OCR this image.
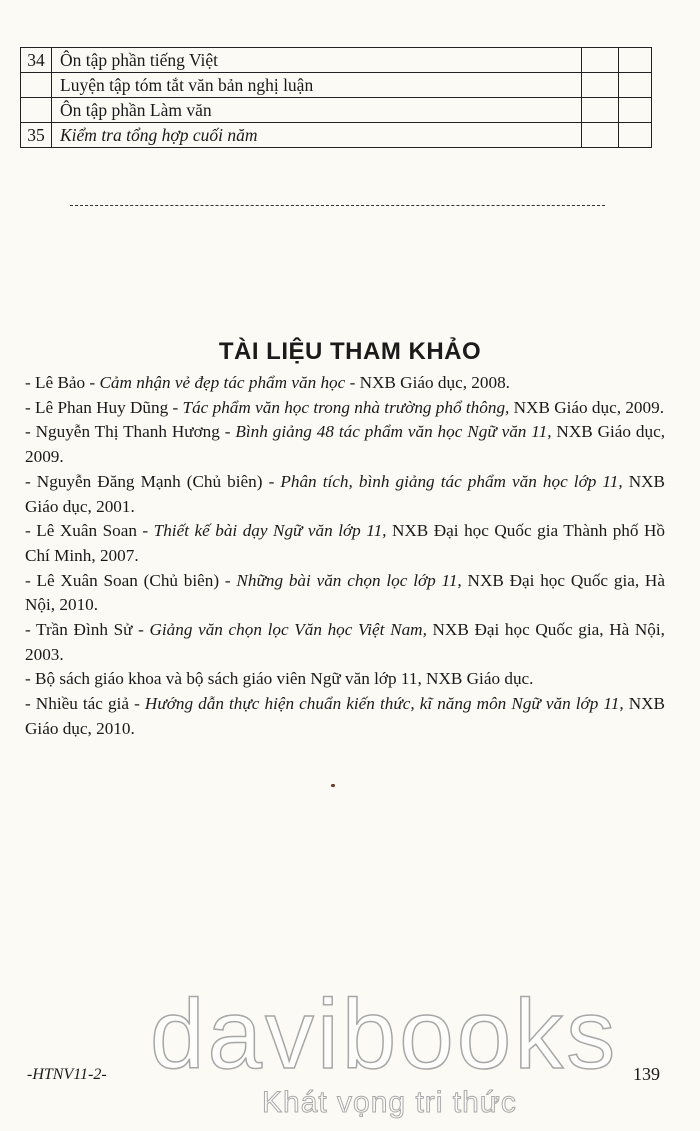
34	Ôn tập phần tiếng Việt		
	Luyện tập tóm tắt văn bản nghị luận		
	Ôn tập phần Làm văn		
35	Kiểm tra tổng hợp cuối năm		
TÀI LIỆU THAM KHẢO

- Lê Bảo - Cảm nhận vẻ đẹp tác phẩm văn học - NXB Giáo dục, 2008.

- Lê Phan Huy Dũng - Tác phẩm văn học trong nhà trường phổ thông, NXB Giáo dục, 2009.

- Nguyễn Thị Thanh Hương - Bình giảng 48 tác phẩm văn học Ngữ văn 11, NXB Giáo dục, 2009.

- Nguyễn Đăng Mạnh (Chủ biên) - Phân tích, bình giảng tác phẩm văn học lớp 11, NXB Giáo dục, 2001.

- Lê Xuân Soan - Thiết kế bài dạy Ngữ văn lớp 11, NXB Đại học Quốc gia Thành phố Hồ Chí Minh, 2007.

- Lê Xuân Soan (Chủ biên) - Những bài văn chọn lọc lớp 11, NXB Đại học Quốc gia, Hà Nội, 2010.

- Trần Đình Sử - Giảng văn chọn lọc Văn học Việt Nam, NXB Đại học Quốc gia, Hà Nội, 2003.

- Bộ sách giáo khoa và bộ sách giáo viên Ngữ văn lớp 11, NXB Giáo dục.

- Nhiều tác giả - Hướng dẫn thực hiện chuẩn kiến thức, kĩ năng môn Ngữ văn lớp 11, NXB Giáo dục, 2010.

davibooks
Khát vọng tri thức
-HTNV11-2-	139
